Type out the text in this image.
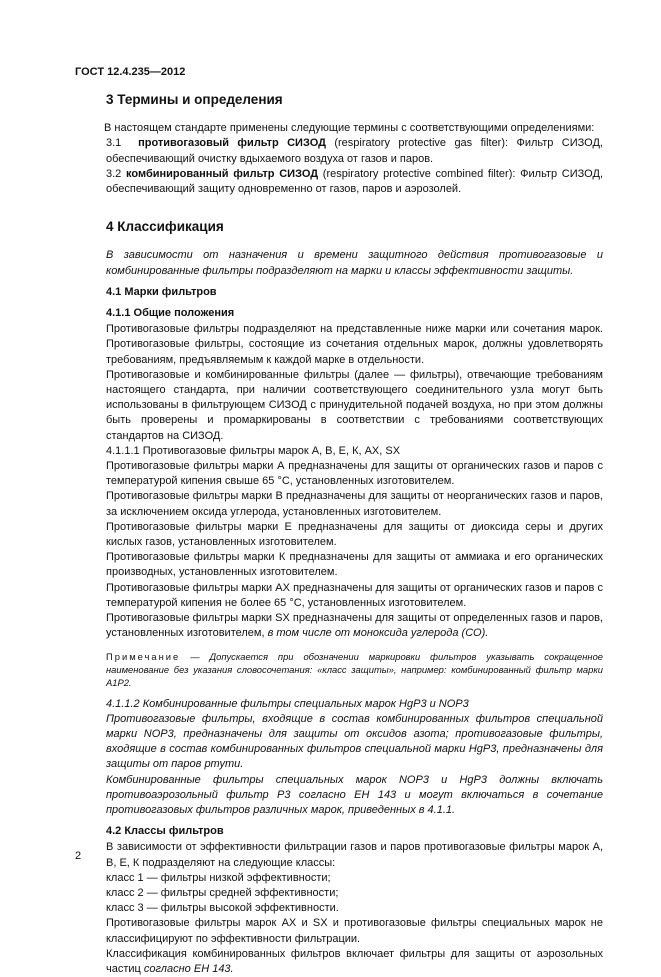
ГОСТ 12.4.235—2012
3 Термины и определения

В настоящем стандарте применены следующие термины с соответствующими определениями:

3.1 противогазовый фильтр СИЗОД (respiratory protective gas filter): Фильтр СИЗОД, обеспечивающий очистку вдыхаемого воздуха от газов и паров.

3.2 комбинированный фильтр СИЗОД (respiratory protective combined filter): Фильтр СИЗОД, обеспечивающий защиту одновременно от газов, паров и аэрозолей.

4 Классификация

В зависимости от назначения и времени защитного действия противогазовые и комбинированные фильтры подразделяют на марки и классы эффективности защиты.

4.1 Марки фильтров
4.1.1 Общие положения

Противогазовые фильтры подразделяют на представленные ниже марки или сочетания марок. Противогазовые фильтры, состоящие из сочетания отдельных марок, должны удовлетворять требованиям, предъявляемым к каждой марке в отдельности.

Противогазовые и комбинированные фильтры (далее — фильтры), отвечающие требованиям настоящего стандарта, при наличии соответствующего соединительного узла могут быть использованы в фильтрующем СИЗОД с принудительной подачей воздуха, но при этом должны быть проверены и промаркированы в соответствии с требованиями соответствующих стандартов на СИЗОД.

4.1.1.1 Противогазовые фильтры марок А, В, Е, К, АХ, SX

Противогазовые фильтры марки А предназначены для защиты от органических газов и паров с температурой кипения свыше 65 °С, установленных изготовителем.

Противогазовые фильтры марки В предназначены для защиты от неорганических газов и паров, за исключением оксида углерода, установленных изготовителем.

Противогазовые фильтры марки Е предназначены для защиты от диоксида серы и других кислых газов, установленных изготовителем.

Противогазовые фильтры марки К предназначены для защиты от аммиака и его органических производных, установленных изготовителем.

Противогазовые фильтры марки АХ предназначены для защиты от органических газов и паров с температурой кипения не более 65 °С, установленных изготовителем.

Противогазовые фильтры марки SX предназначены для защиты от определенных газов и паров, установленных изготовителем, в том числе от моноксида углерода (СО).

Примечание — Допускается при обозначении маркировки фильтров указывать сокращенное наименование без указания словосочетания: «класс защиты», например: комбинированный фильтр марки А1Р2.

4.1.1.2 Комбинированные фильтры специальных марок HgP3 и NOP3

Противогазовые фильтры, входящие в состав комбинированных фильтров специальной марки NOP3, предназначены для защиты от оксидов азота; противогазовые фильтры, входящие в состав комбинированных фильтров специальной марки HgP3, предназначены для защиты от паров ртути.

Комбинированные фильтры специальных марок NOP3 и HgP3 должны включать противоаэрозольный фильтр Р3 согласно ЕН 143 и могут включаться в сочетание противогазовых фильтров различных марок, приведенных в 4.1.1.

4.2 Классы фильтров

В зависимости от эффективности фильтрации газов и паров противогазовые фильтры марок А, В, Е, К подразделяют на следующие классы:

класс 1 — фильтры низкой эффективности;

класс 2 — фильтры средней эффективности;

класс 3 — фильтры высокой эффективности.

Противогазовые фильтры марок АХ и SX и противогазовые фильтры специальных марок не классифицируют по эффективности фильтрации.

Классификация комбинированных фильтров включает фильтры для защиты от аэрозольных частиц согласно ЕН 143.

2
